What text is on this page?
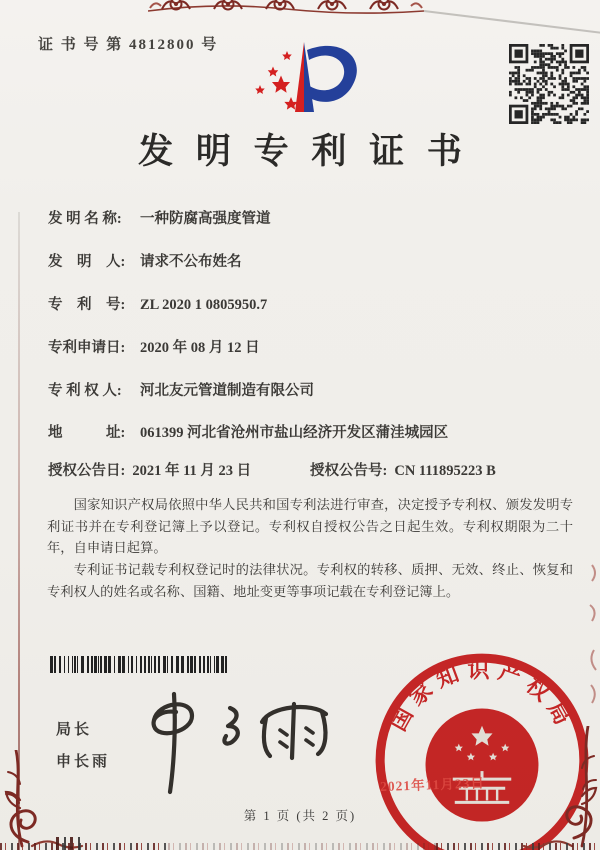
证 书 号 第 4812800 号
发 明 专 利 证 书
发 明 名 称: 一种防腐高强度管道
发　明　人: 请求不公布姓名
专　利　号: ZL 2020 1 0805950.7
专利申请日: 2020 年 08 月 12 日
专 利 权 人: 河北友元管道制造有限公司
地　　　址: 061399 河北省沧州市盐山经济开发区蒲洼城园区
授权公告日: 2021 年 11 月 23 日	授权公告号: CN 111895223 B

国家知识产权局依照中华人民共和国专利法进行审查，决定授予专利权、颁发发明专利证书并在专利登记簿上予以登记。专利权自授权公告之日起生效。专利权期限为二十年，自申请日起算。

专利证书记载专利权登记时的法律状况。专利权的转移、质押、无效、终止、恢复和专利权人的姓名或名称、国籍、地址变更等事项记载在专利登记簿上。

局长
申长雨
国家知识产权局
2021年11月23日
第 1 页 (共 2 页)
